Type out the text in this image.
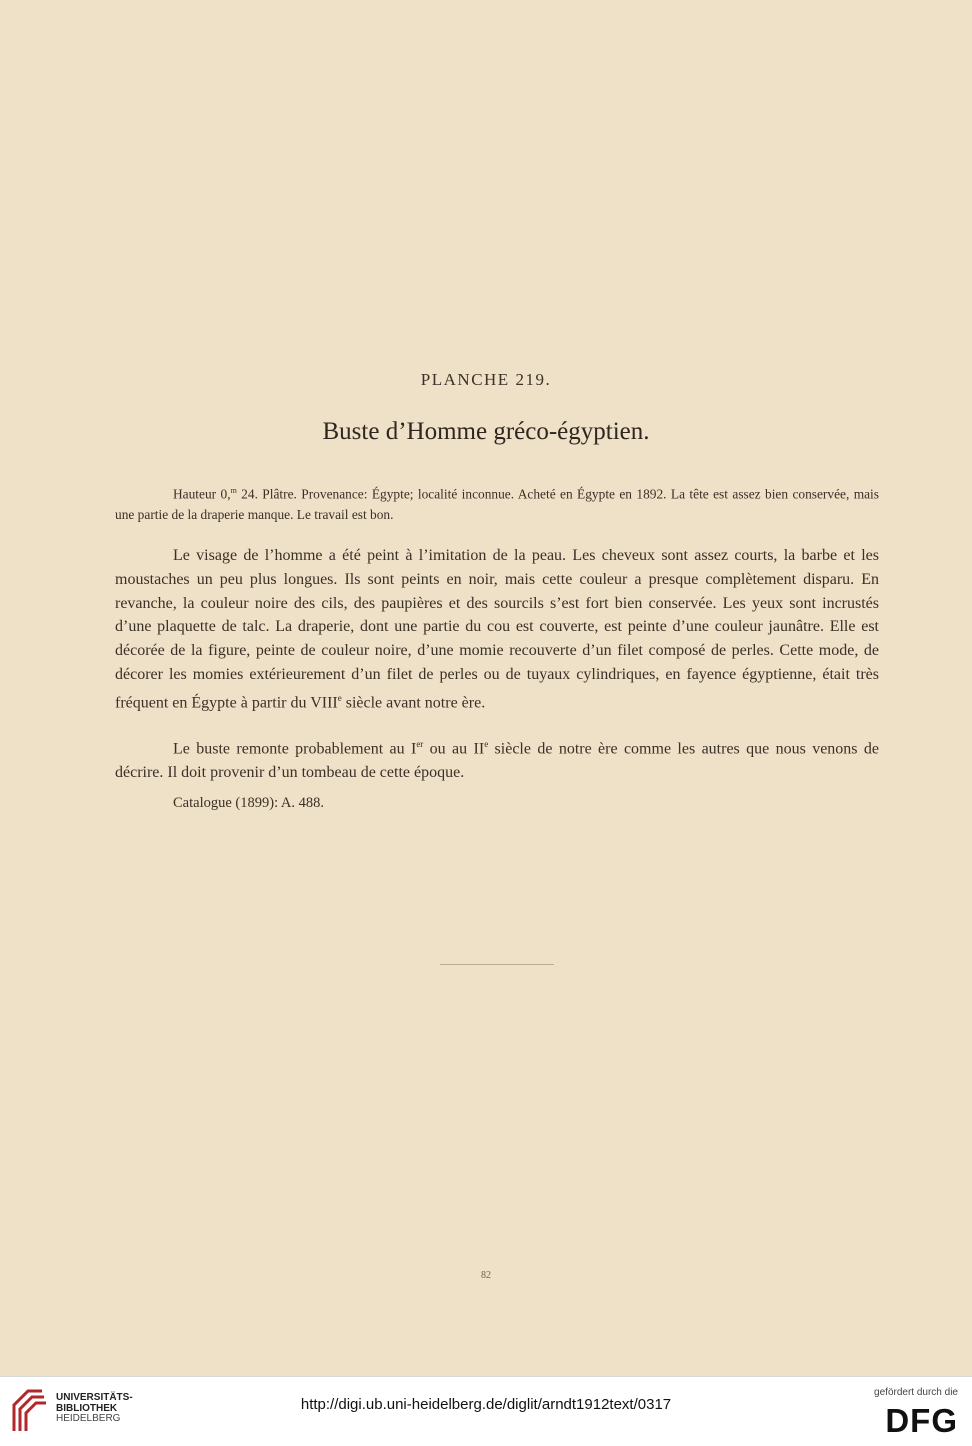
PLANCHE 219.
Buste d’Homme gréco-égyptien.
Hauteur 0,$^m$ 24. Plâtre. Provenance: Égypte; localité inconnue. Acheté en Égypte en 1892. La tête est assez bien conservée, mais une partie de la draperie manque. Le travail est bon.
Le visage de l’homme a été peint à l’imitation de la peau. Les cheveux sont assez courts, la barbe et les moustaches un peu plus longues. Ils sont peints en noir, mais cette couleur a presque complètement disparu. En revanche, la couleur noire des cils, des paupières et des sourcils s’est fort bien conservée. Les yeux sont incrustés d’une plaquette de talc. La draperie, dont une partie du cou est couverte, est peinte d’une couleur jaunâtre. Elle est décorée de la figure, peinte de couleur noire, d’une momie recouverte d’un filet composé de perles. Cette mode, de décorer les momies extérieurement d’un filet de perles ou de tuyaux cylindriques, en fayence égyptienne, était très fréquent en Égypte à partir du VIIIe siècle avant notre ère.
Le buste remonte probablement au Ier ou au IIe siècle de notre ère comme les autres que nous venons de décrire. Il doit provenir d’un tombeau de cette époque.
Catalogue (1899): A. 488.
82
UNIVERSITÄTS-
BIBLIOTHEK
HEIDELBERG
http://digi.ub.uni-heidelberg.de/diglit/arndt1912text/0317
gefördert durch die
DFG
